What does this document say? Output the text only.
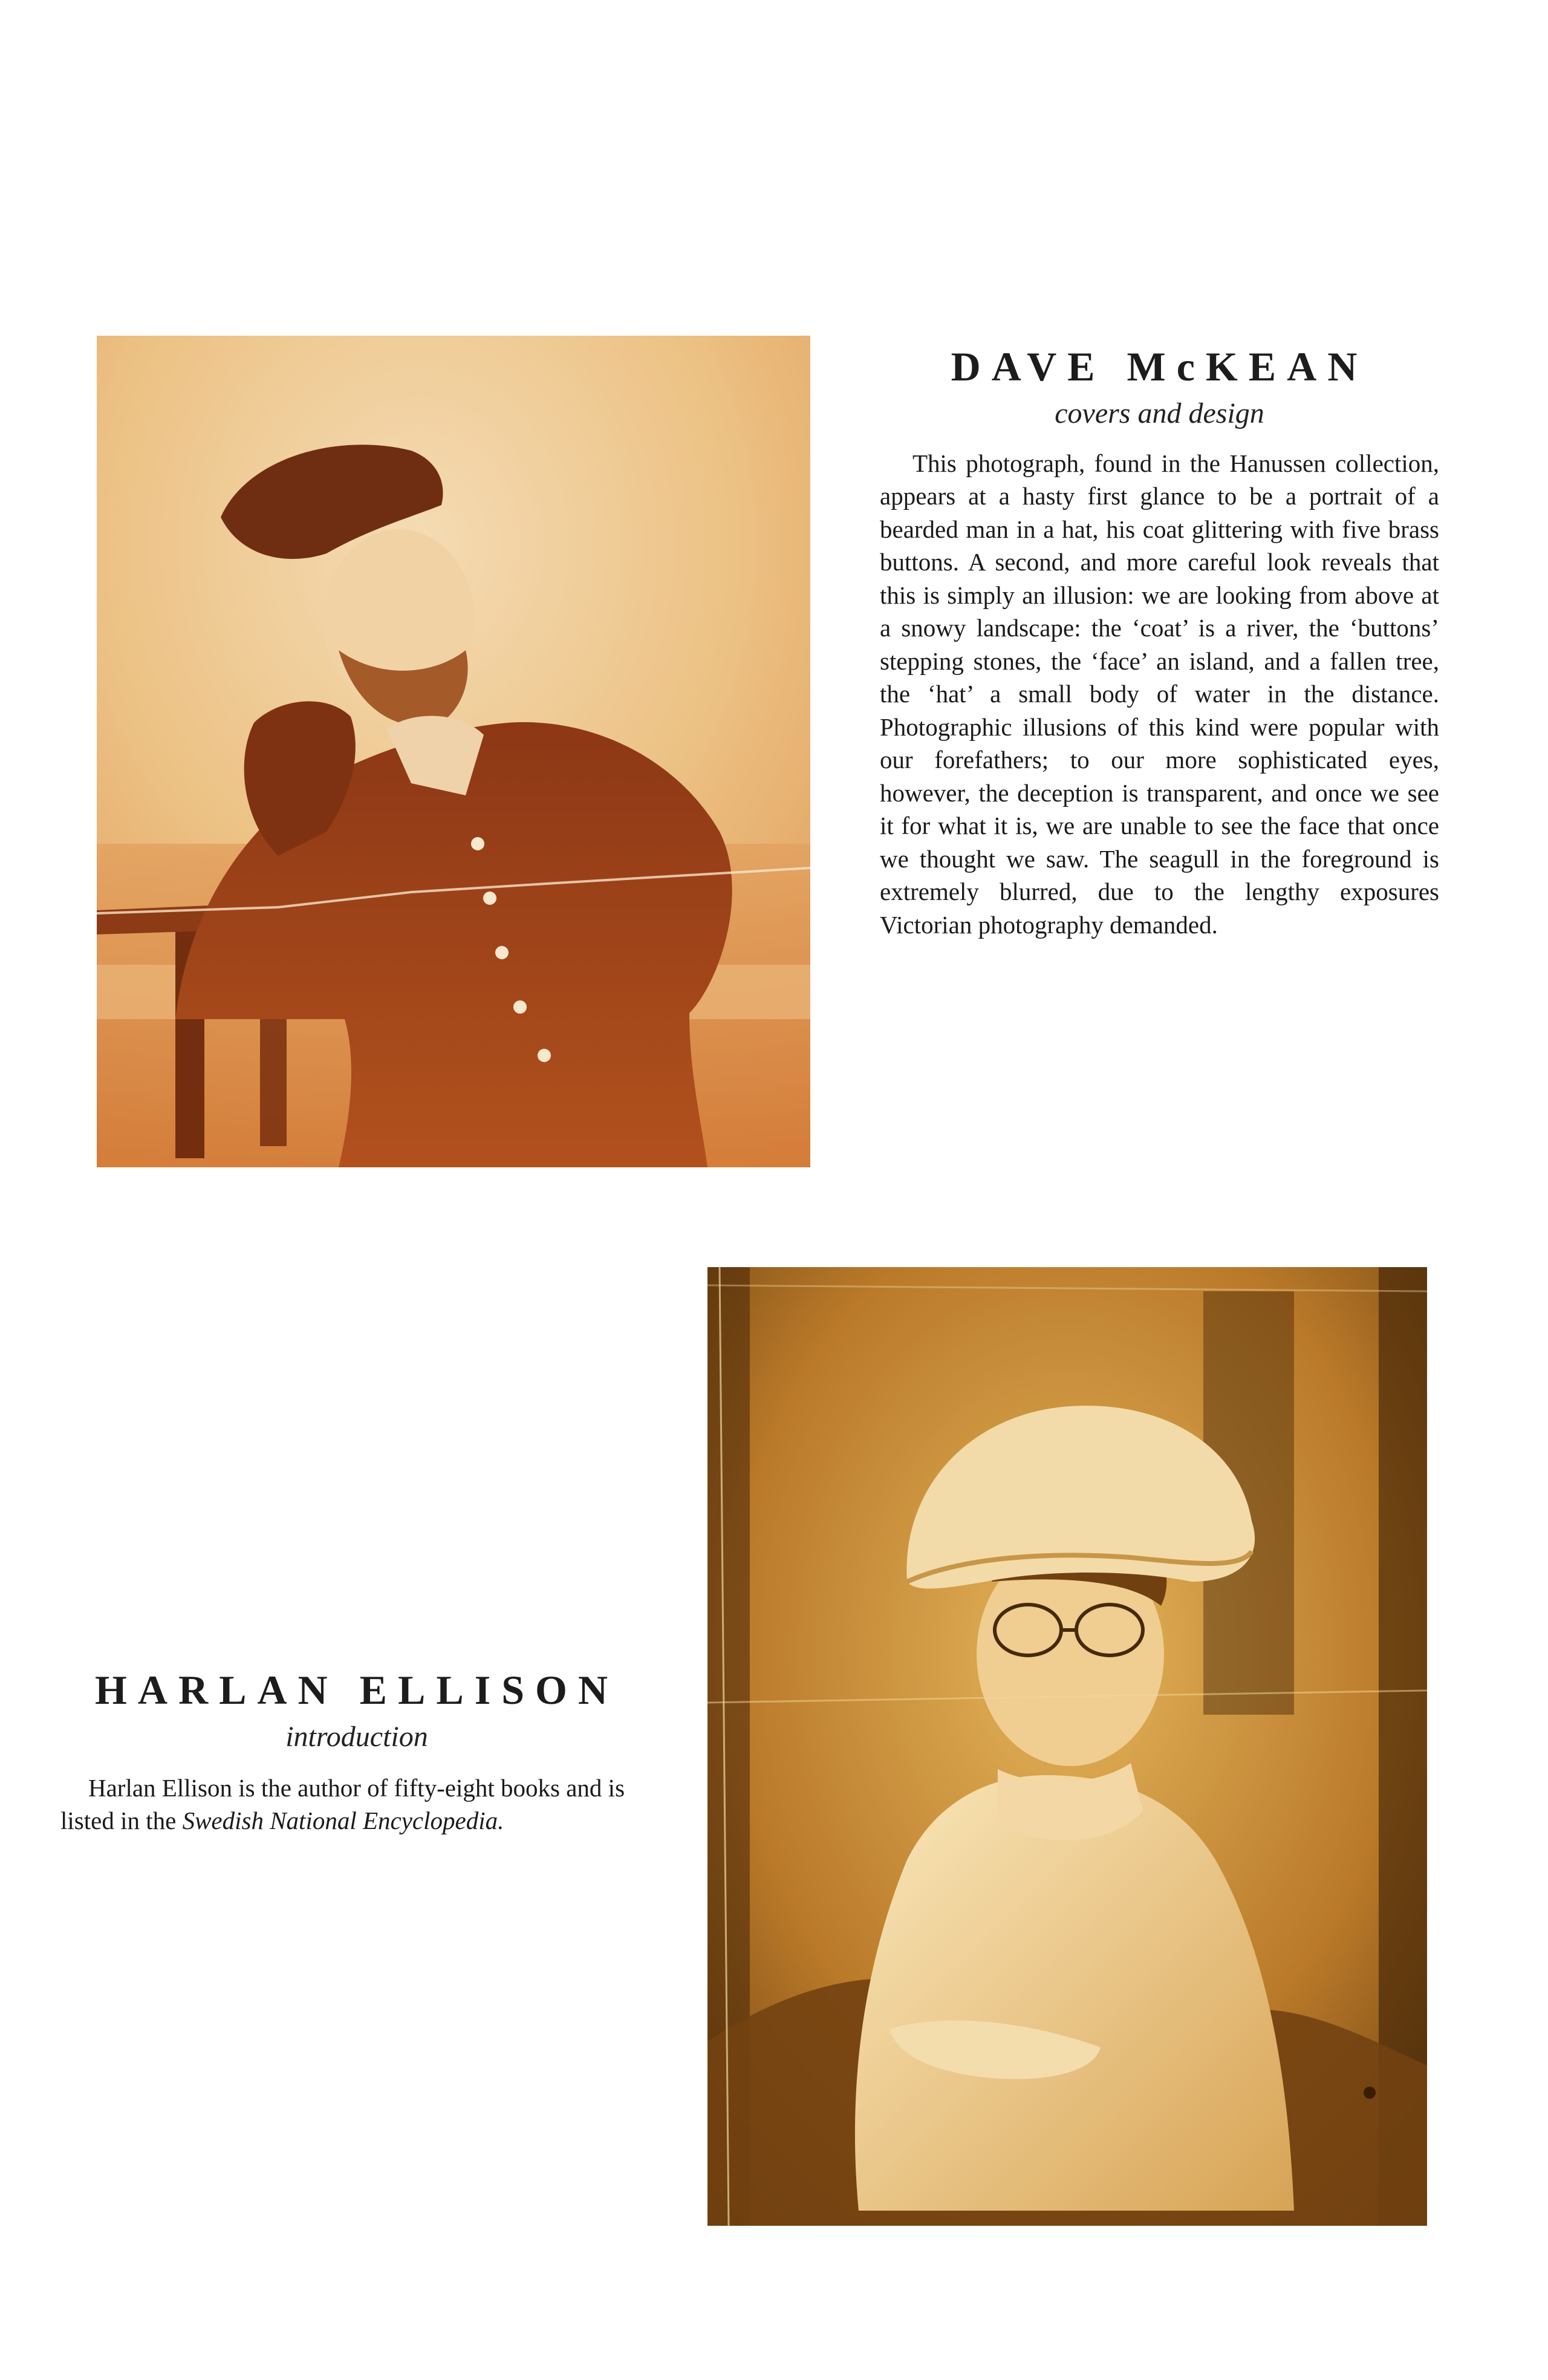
DAVE McKEAN
covers and design

This photograph, found in the Hanussen collection, appears at a hasty first glance to be a portrait of a bearded man in a hat, his coat glittering with five brass buttons. A second, and more careful look reveals that this is simply an illusion: we are looking from above at a snowy landscape: the ‘coat’ is a river, the ‘buttons’ stepping stones, the ‘face’ an island, and a fallen tree, the ‘hat’ a small body of water in the distance. Photographic illusions of this kind were popular with our forefathers; to our more sophisticated eyes, however, the deception is transparent, and once we see it for what it is, we are unable to see the face that once we thought we saw. The seagull in the foreground is extremely blurred, due to the lengthy exposures Victorian photography demanded.

HARLAN ELLISON
introduction

Harlan Ellison is the author of fifty-eight books and is listed in the Swedish National Encyclopedia.
